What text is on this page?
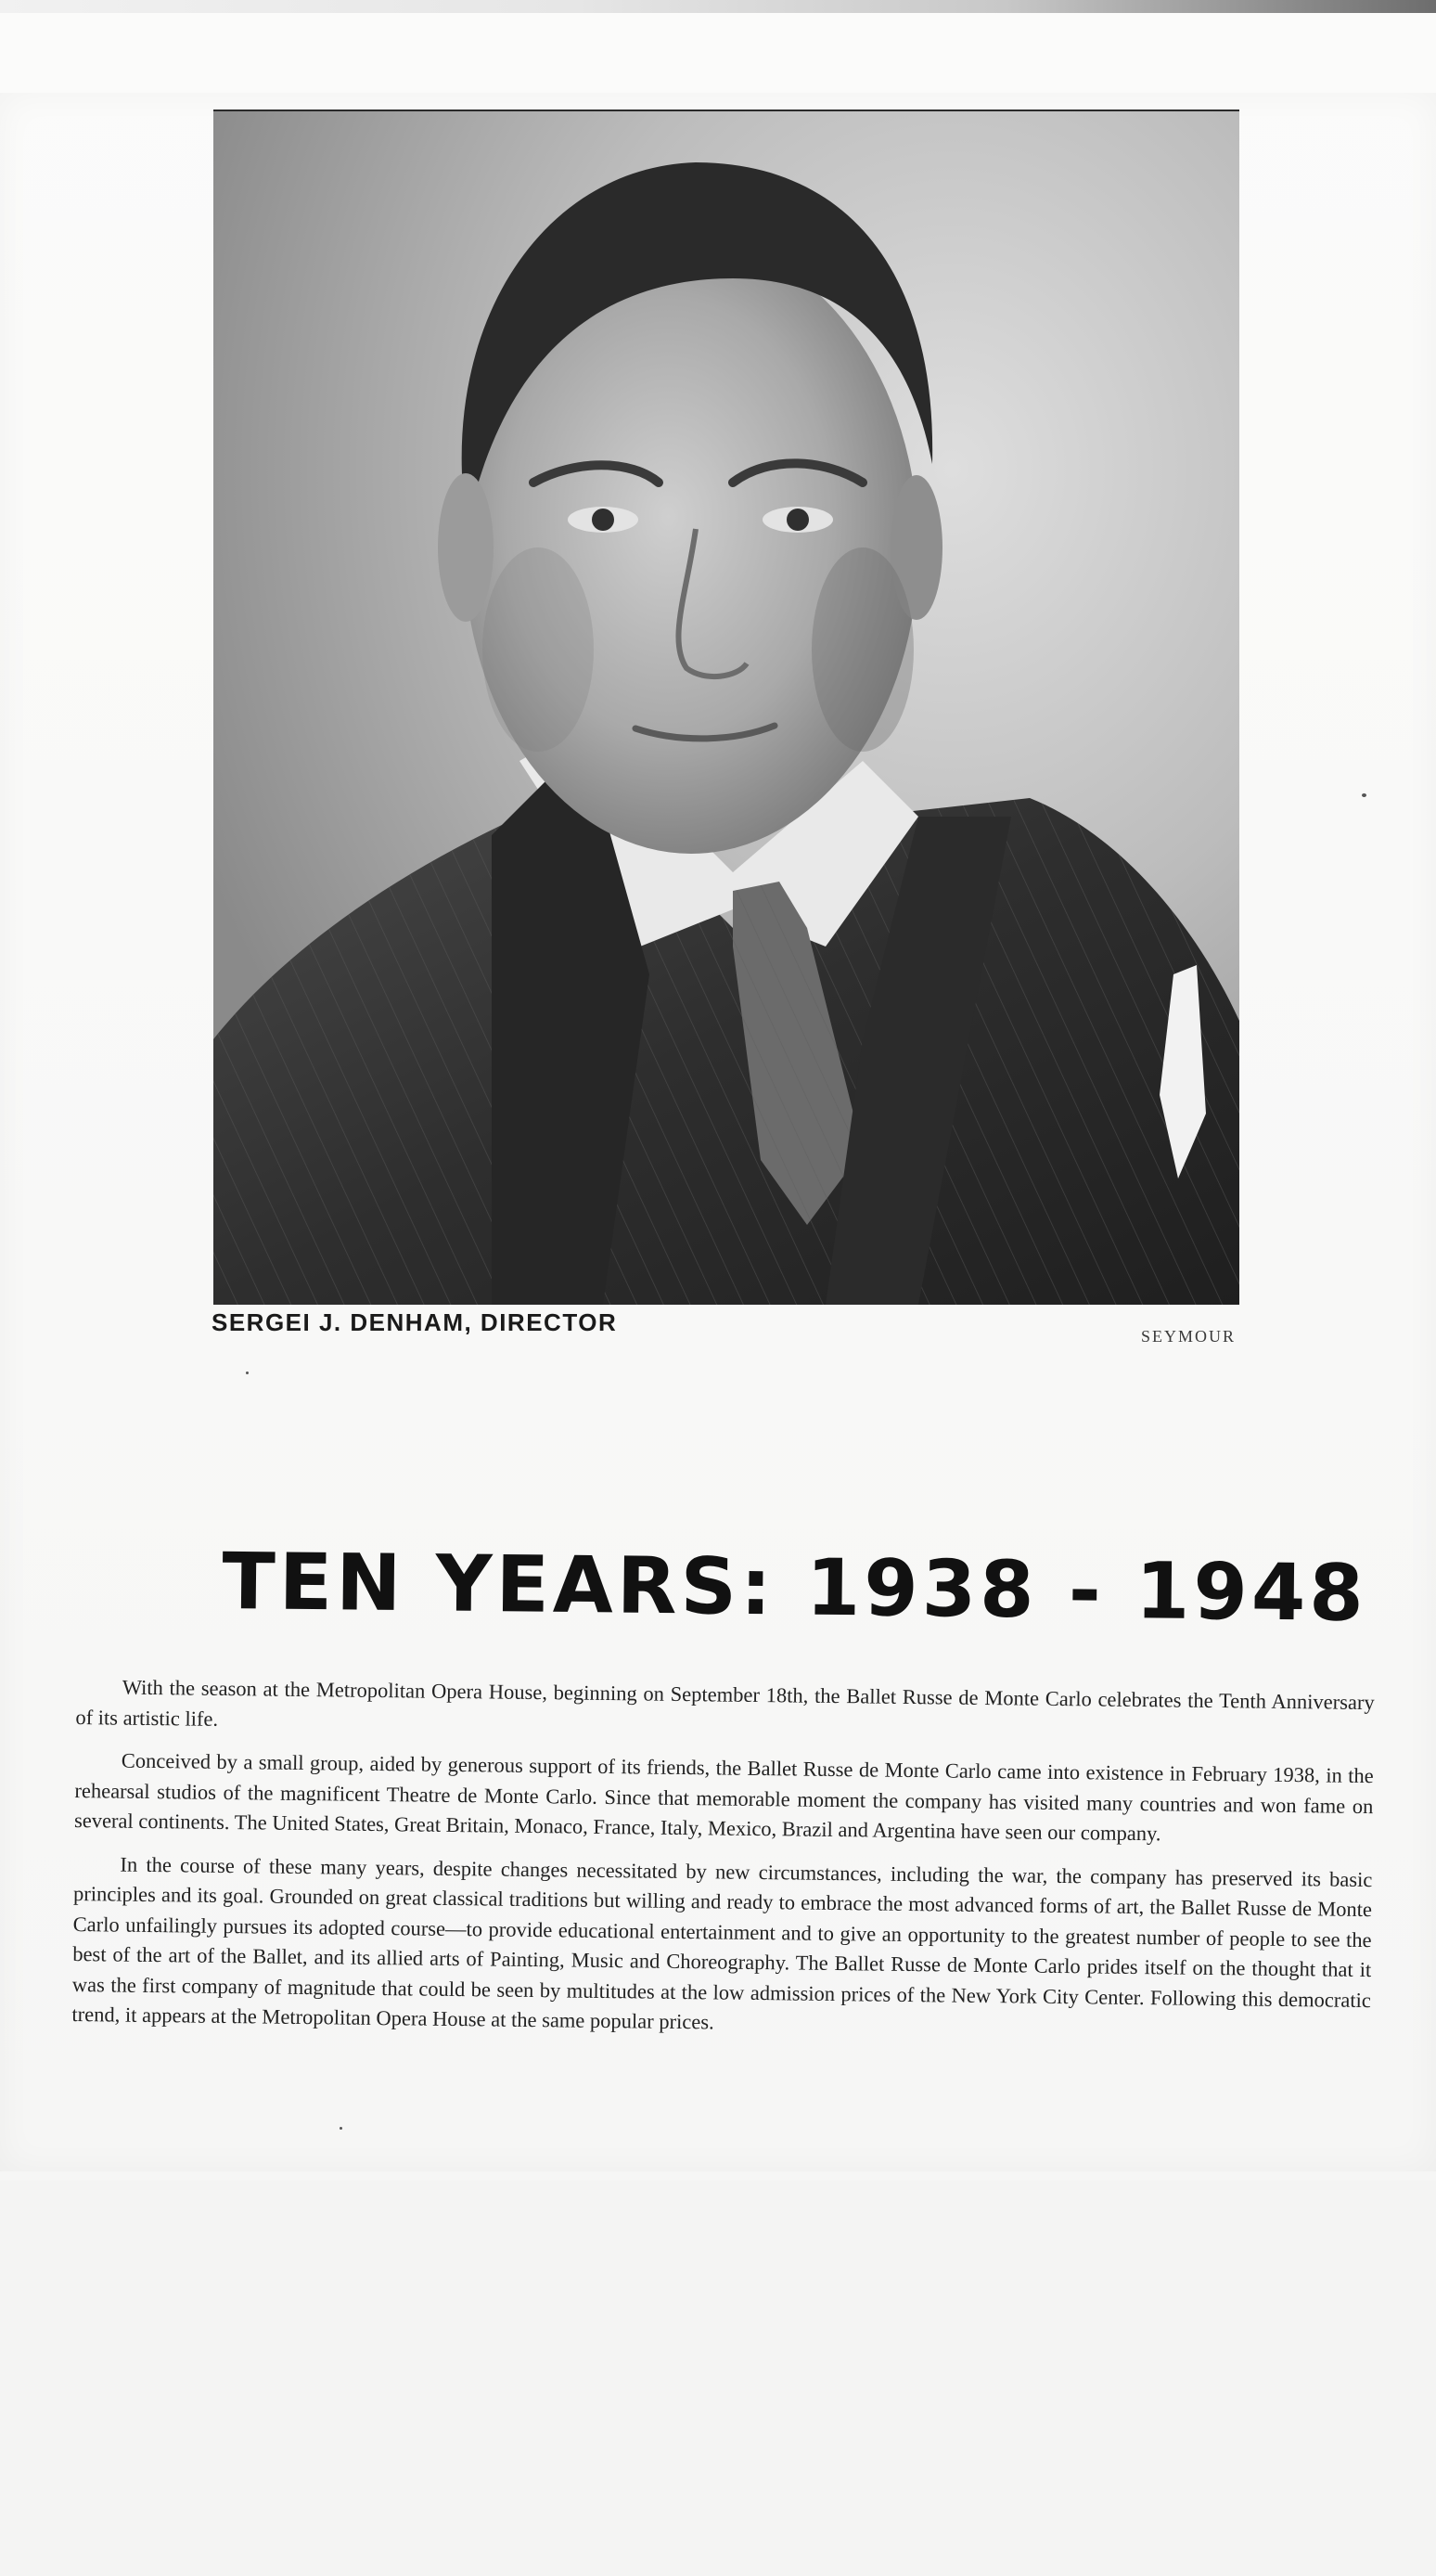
SERGEI J. DENHAM, DIRECTOR	SEYMOUR
TEN YEARS: 1938 - 1948

With the season at the Metropolitan Opera House, beginning on September 18th, the Ballet Russe de Monte Carlo celebrates the Tenth Anniversary of its artistic life.

Conceived by a small group, aided by generous support of its friends, the Ballet Russe de Monte Carlo came into existence in February 1938, in the rehearsal studios of the magnificent Theatre de Monte Carlo. Since that memorable moment the company has visited many countries and won fame on several continents. The United States, Great Britain, Monaco, France, Italy, Mexico, Brazil and Argentina have seen our company.

In the course of these many years, despite changes necessitated by new circumstances, including the war, the company has preserved its basic principles and its goal. Grounded on great classical traditions but willing and ready to embrace the most advanced forms of art, the Ballet Russe de Monte Carlo unfailingly pursues its adopted course—to provide educational entertainment and to give an opportunity to the greatest number of people to see the best of the art of the Ballet, and its allied arts of Painting, Music and Choreography. The Ballet Russe de Monte Carlo prides itself on the thought that it was the first company of magnitude that could be seen by multitudes at the low admission prices of the New York City Center. Following this democratic trend, it appears at the Metropolitan Opera House at the same popular prices.
